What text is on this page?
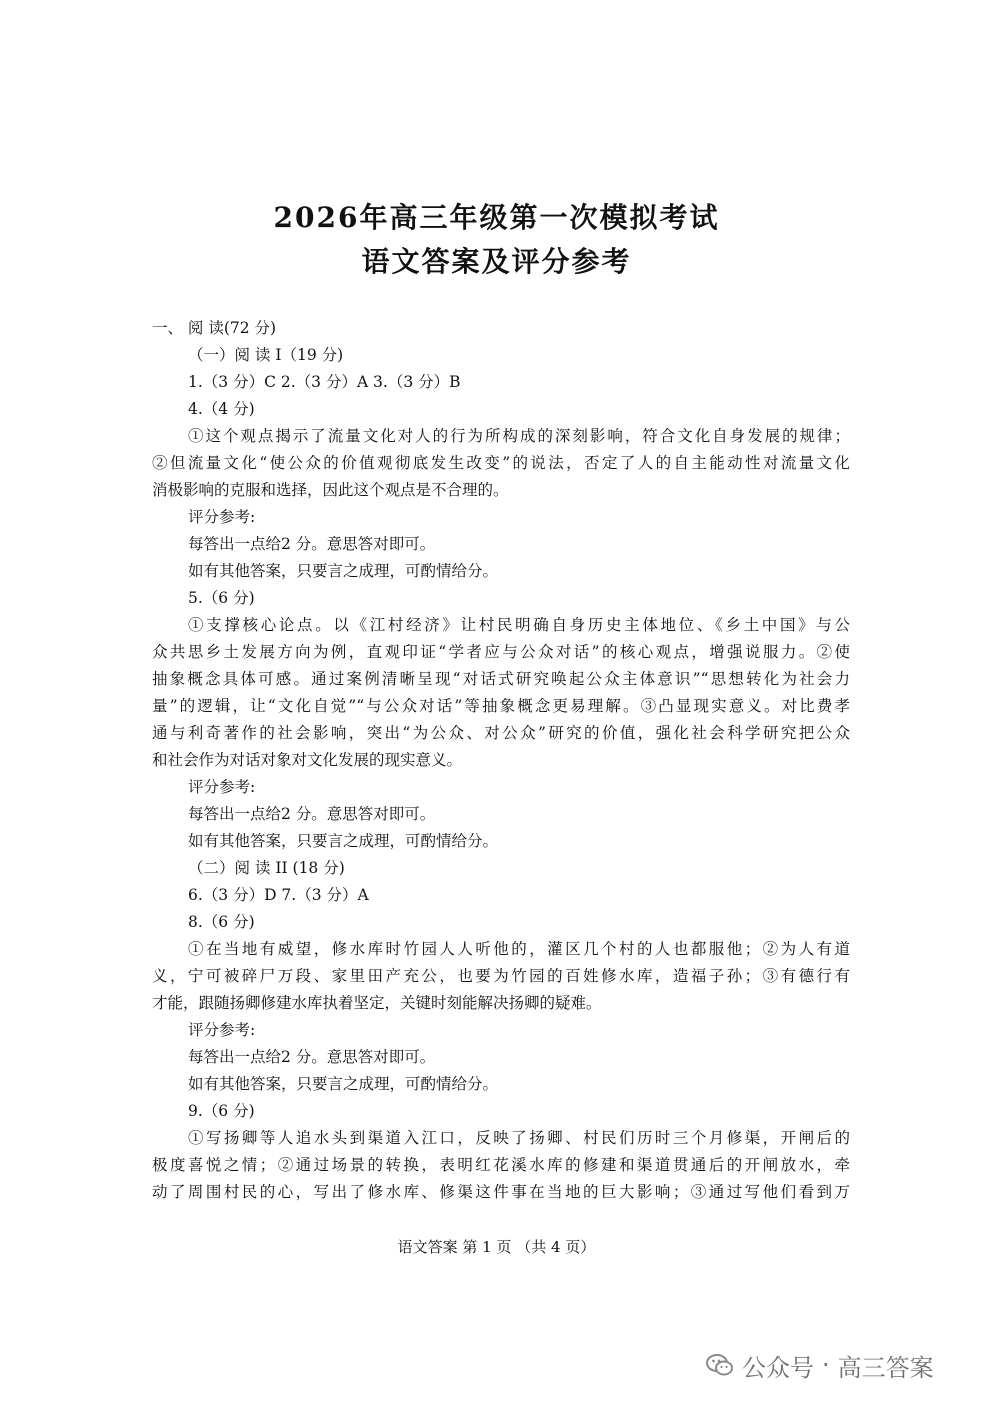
2026年高三年级第一次模拟考试
语文答案及评分参考
一、 阅 读(72 分)
（一）阅 读 I（19 分)
1.（3 分）C 2.（3 分）A 3.（3 分）B
4.（4 分)
①这个观点揭示了流量文化对人的行为所构成的深刻影响，符合文化自身发展的规律；
②但流量文化“使公众的价值观彻底发生改变”的说法，否定了人的自主能动性对流量文化
消极影响的克服和选择，因此这个观点是不合理的。
评分参考:
每答出一点给2 分。意思答对即可。
如有其他答案，只要言之成理，可酌情给分。
5.（6 分)
①支撑核心论点。以《江村经济》让村民明确自身历史主体地位、《乡土中国》与公
众共思乡土发展方向为例，直观印证“学者应与公众对话”的核心观点，增强说服力。②使
抽象概念具体可感。通过案例清晰呈现“对话式研究唤起公众主体意识”“思想转化为社会力
量”的逻辑，让“文化自觉”“与公众对话”等抽象概念更易理解。③凸显现实意义。对比费孝
通与利奇著作的社会影响，突出“为公众、对公众”研究的价值，强化社会科学研究把公众
和社会作为对话对象对文化发展的现实意义。
评分参考:
每答出一点给2 分。意思答对即可。
如有其他答案，只要言之成理，可酌情给分。
（二）阅 读 II (18 分)
6.（3 分）D 7.（3 分）A
8.（6 分)
①在当地有威望，修水库时竹园人人听他的，灌区几个村的人也都服他；②为人有道
义，宁可被碎尸万段、家里田产充公，也要为竹园的百姓修水库，造福子孙；③有德行有
才能，跟随扬卿修建水库执着坚定，关键时刻能解决扬卿的疑难。
评分参考:
每答出一点给2 分。意思答对即可。
如有其他答案，只要言之成理，可酌情给分。
9.（6 分)
①写扬卿等人追水头到渠道入江口，反映了扬卿、村民们历时三个月修渠，开闸后的
极度喜悦之情；②通过场景的转换，表明红花溪水库的修建和渠道贯通后的开闸放水，牵
动了周围村民的心，写出了修水库、修渠这件事在当地的巨大影响；③通过写他们看到万
语文答案 第 1 页 （共 4 页）
公众号 · 高三答案
